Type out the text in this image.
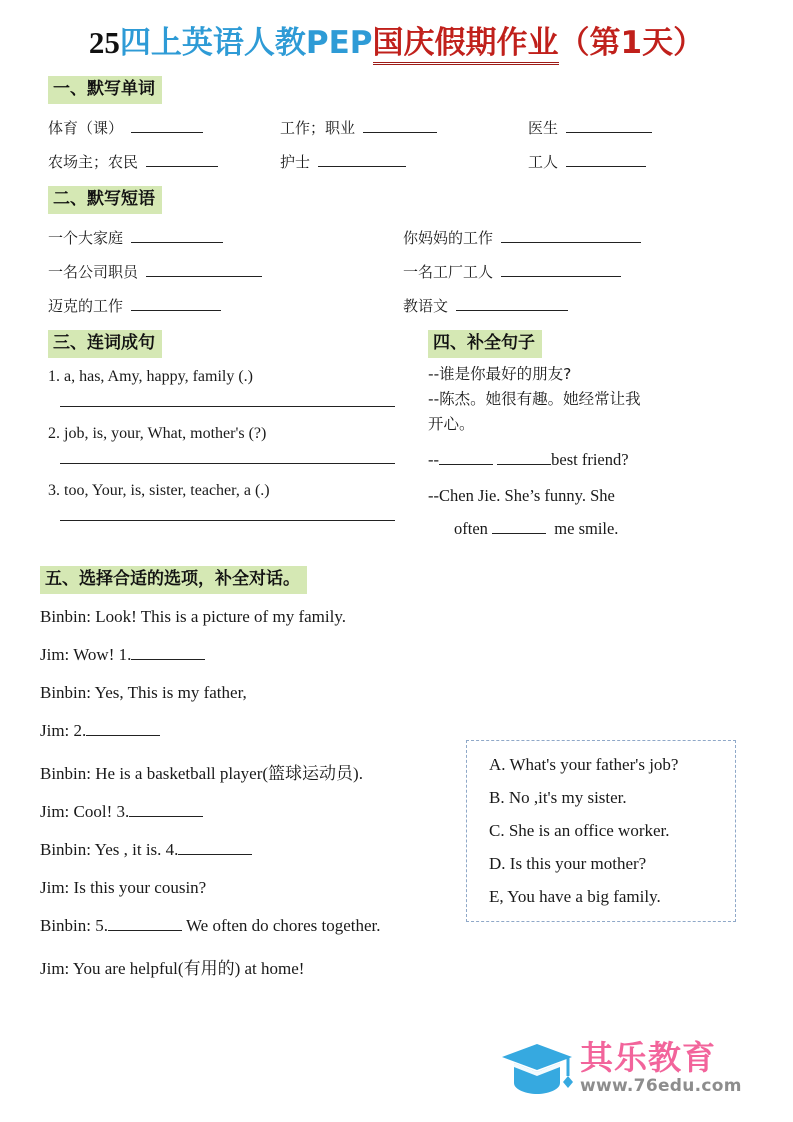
25四上英语人教PEP国庆假期作业（第1天）
一、默写单词
体育（课）	工作；职业	医生
农场主；农民	护士	工人
二、默写短语
一个大家庭	你妈妈的工作
一名公司职员	一名工厂工人
迈克的工作	教语文
三、连词成句
1. a, has, Amy, happy, family (.)
2. job, is, your, What, mother's (?)
3. too, Your, is, sister, teacher, a (.)
四、补全句子
--谁是你最好的朋友?
--陈杰。她很有趣。她经常让我
开心。
--	best friend?
--Chen Jie. She’s funny. She
often	me smile.
五、选择合适的选项，补全对话。
Binbin: Look! This is a picture of my family.
Jim: Wow! 1.
Binbin: Yes, This is my father,
Jim: 2.
Binbin: He is a basketball player(篮球运动员).
Jim: Cool! 3.
Binbin: Yes , it is. 4.
Jim: Is this your cousin?
Binbin: 5.	We often do chores together.
Jim: You are helpful(有用的) at home!
A. What's your father's job?
B. No ,it's my sister.
C. She is an office worker.
D. Is this your mother?
E, You have a big family.
其乐教育
www.76edu.com
